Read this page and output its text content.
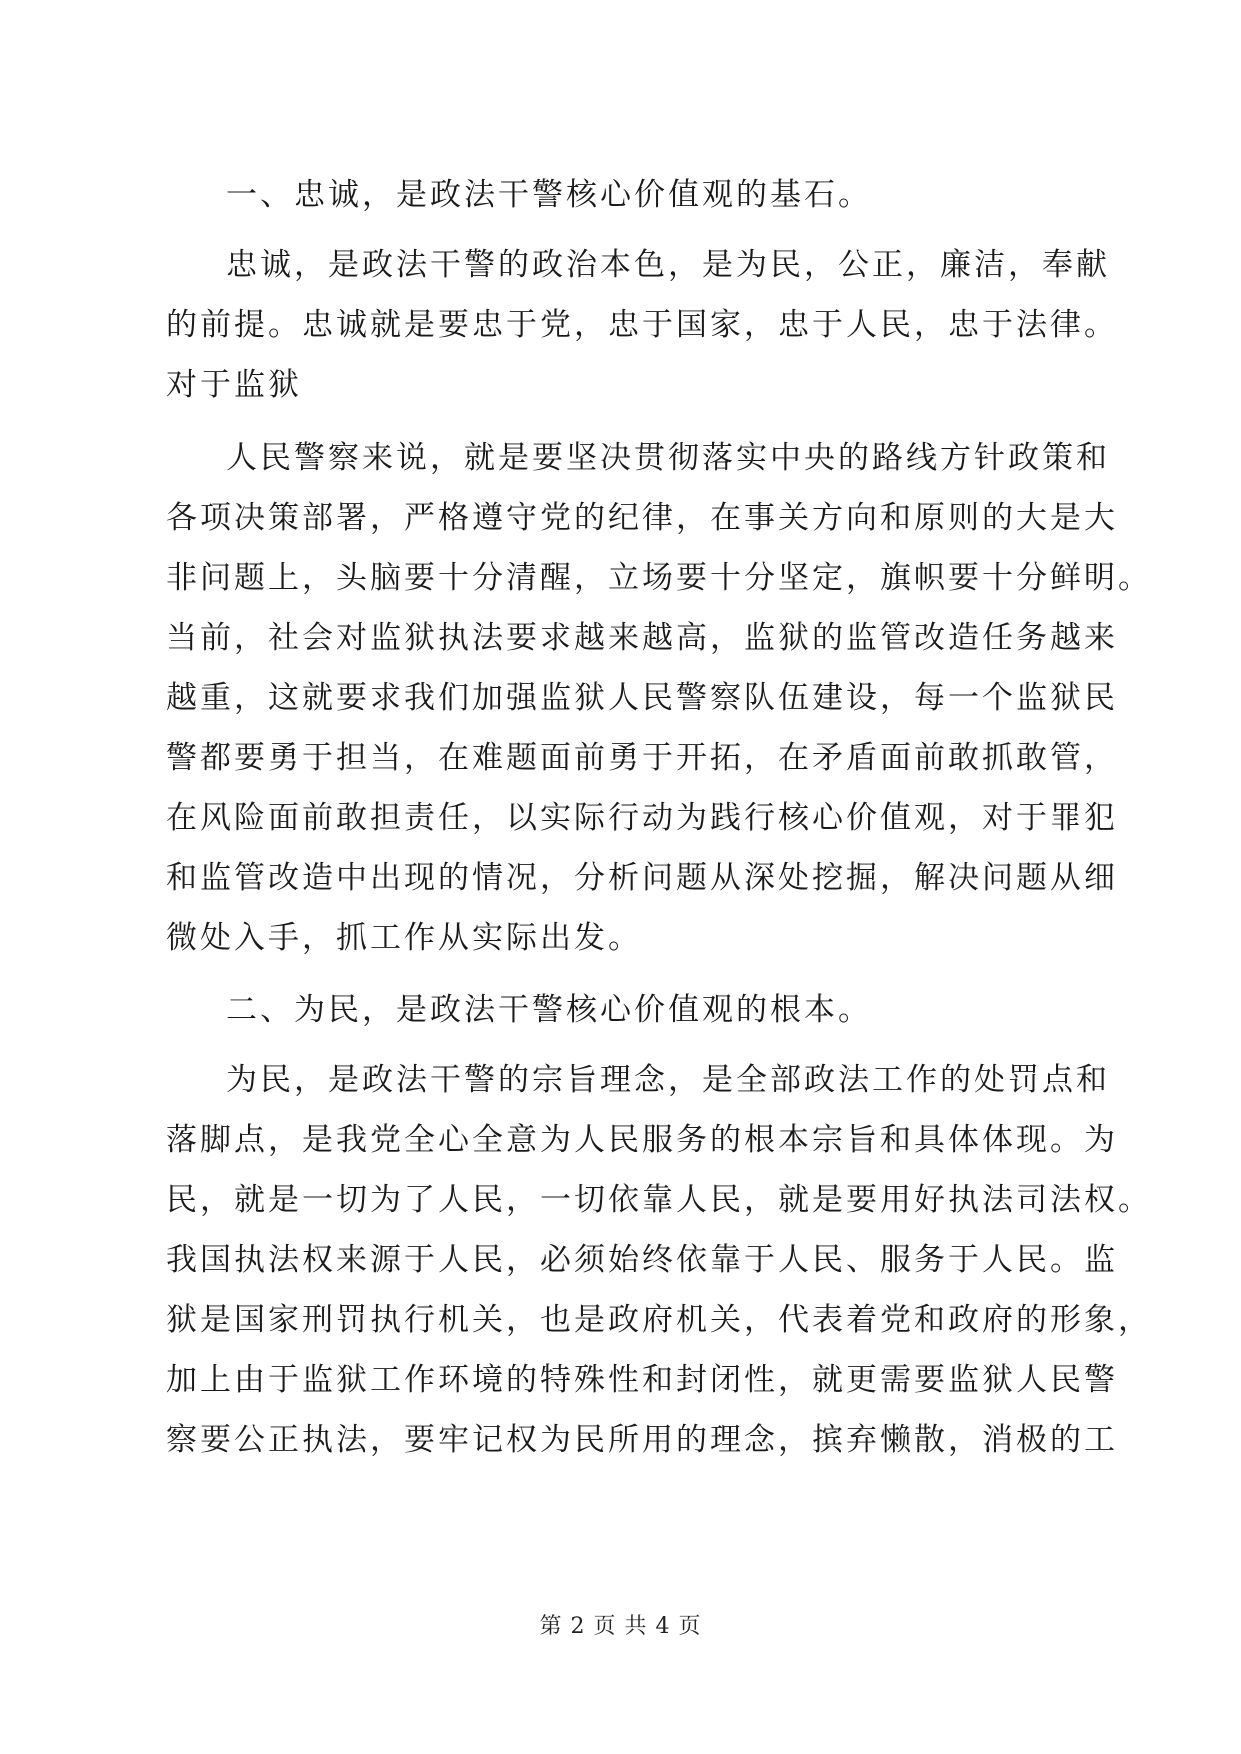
一、忠诚，是政法干警核心价值观的基石。
忠诚，是政法干警的政治本色，是为民，公正，廉洁，奉献
的前提。忠诚就是要忠于党，忠于国家，忠于人民，忠于法律。
对于监狱
人民警察来说，就是要坚决贯彻落实中央的路线方针政策和
各项决策部署，严格遵守党的纪律，在事关方向和原则的大是大
非问题上，头脑要十分清醒，立场要十分坚定，旗帜要十分鲜明。
当前，社会对监狱执法要求越来越高，监狱的监管改造任务越来
越重，这就要求我们加强监狱人民警察队伍建设，每一个监狱民
警都要勇于担当，在难题面前勇于开拓，在矛盾面前敢抓敢管，
在风险面前敢担责任，以实际行动为践行核心价值观，对于罪犯
和监管改造中出现的情况，分析问题从深处挖掘，解决问题从细
微处入手，抓工作从实际出发。
二、为民，是政法干警核心价值观的根本。
为民，是政法干警的宗旨理念，是全部政法工作的处罚点和
落脚点，是我党全心全意为人民服务的根本宗旨和具体体现。为
民，就是一切为了人民，一切依靠人民，就是要用好执法司法权。
我国执法权来源于人民，必须始终依靠于人民、服务于人民。监
狱是国家刑罚执行机关，也是政府机关，代表着党和政府的形象，
加上由于监狱工作环境的特殊性和封闭性，就更需要监狱人民警
察要公正执法，要牢记权为民所用的理念，摈弃懒散，消极的工
第 2 页 共 4 页
